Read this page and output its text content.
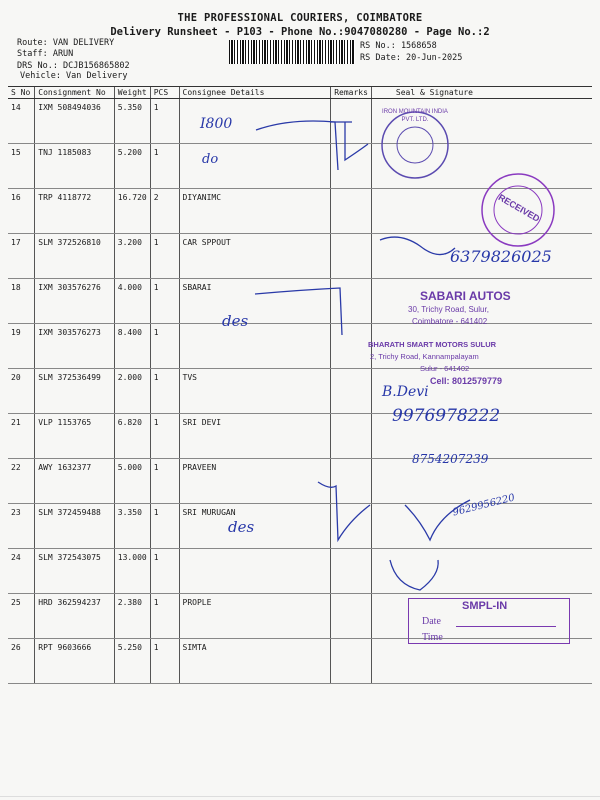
THE PROFESSIONAL COURIERS, COIMBATORE
Delivery Runsheet - P103 - Phone No.:9047080280 - Page No.:2
Route: VAN DELIVERY
Staff: ARUN
DRS No.: DCJB156865802
Vehicle: Van Delivery
RS No.: 1568658
RS Date: 20-Jun-2025
S No	Consignment No	Weight	PCS	Consignee Details	Remarks	Seal & Signature
14	IXM 508494036	5.350	1			
15	TNJ 1185083	5.200	1			
16	TRP 4118772	16.720	2	DIYANIMC		
17	SLM 372526810	3.200	1	CAR SPPOUT		
18	IXM 303576276	4.000	1	SBARAI		
19	IXM 303576273	8.400	1			
20	SLM 372536499	2.000	1	TVS		
21	VLP 1153765	6.820	1	SRI DEVI		
22	AWY 1632377	5.000	1	PRAVEEN		
23	SLM 372459488	3.350	1	SRI MURUGAN		
24	SLM 372543075	13.000	1			
25	HRD 362594237	2.380	1	PROPLE		
26	RPT 9603666	5.250	1	SIMTA		
I800
do
des
des
6379826025
B.Devi
9976978222
8754207239
9629956220
IRON MOUNTAIN INDIA PVT. LTD.
RECEIVED
SABARI AUTOS
30, Trichy Road, Sulur,
Coimbatore - 641402
BHARATH SMART MOTORS SULUR
2, Trichy Road, Kannampalayam
Sulur - 641402
Cell: 8012579779
SMPL-IN
Date
Time
